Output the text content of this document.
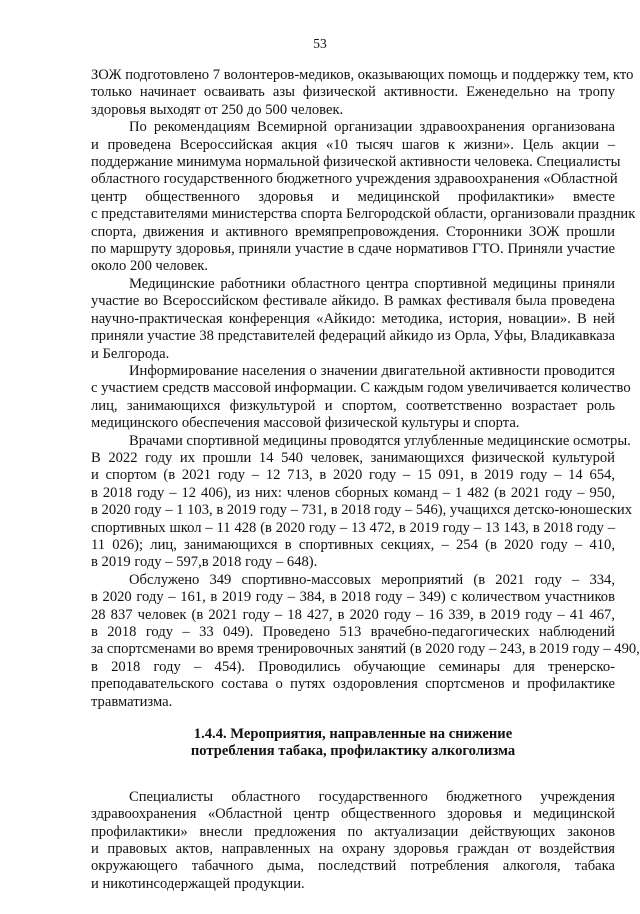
53

ЗОЖ подготовлено 7 волонтеров-медиков, оказывающих помощь и поддержку тем, кто
только начинает осваивать азы физической активности. Еженедельно на тропу
здоровья выходят от 250 до 500 человек.

По рекомендациям Всемирной организации здравоохранения организована
и проведена Всероссийская акция «10 тысяч шагов к жизни». Цель акции –
поддержание минимума нормальной физической активности человека. Специалисты
областного государственного бюджетного учреждения здравоохранения «Областной
центр общественного здоровья и медицинской профилактики» вместе
с представителями министерства спорта Белгородской области, организовали праздник
спорта, движения и активного времяпрепровождения. Сторонники ЗОЖ прошли
по маршруту здоровья, приняли участие в сдаче нормативов ГТО. Приняли участие
около 200 человек.

Медицинские работники областного центра спортивной медицины приняли
участие во Всероссийском фестивале айкидо. В рамках фестиваля была проведена
научно-практическая конференция «Айкидо: методика, история, новации». В ней
приняли участие 38 представителей федераций айкидо из Орла, Уфы, Владикавказа
и Белгорода.

Информирование населения о значении двигательной активности проводится
с участием средств массовой информации. С каждым годом увеличивается количество
лиц, занимающихся физкультурой и спортом, соответственно возрастает роль
медицинского обеспечения массовой физической культуры и спорта.

Врачами спортивной медицины проводятся углубленные медицинские осмотры.
В 2022 году их прошли 14 540 человек, занимающихся физической культурой
и спортом (в 2021 году – 12 713, в 2020 году – 15 091, в 2019 году – 14 654,
в 2018 году – 12 406), из них: членов сборных команд – 1 482 (в 2021 году – 950,
в 2020 году – 1 103, в 2019 году – 731, в 2018 году – 546), учащихся детско-юношеских
спортивных школ – 11 428 (в 2020 году – 13 472, в 2019 году – 13 143, в 2018 году –
11 026); лиц, занимающихся в спортивных секциях, – 254 (в 2020 году – 410,
в 2019 году – 597,в 2018 году – 648).

Обслужено 349 спортивно-массовых мероприятий (в 2021 году – 334,
в 2020 году – 161, в 2019 году – 384, в 2018 году – 349) с количеством участников
28 837 человек (в 2021 году – 18 427, в 2020 году – 16 339, в 2019 году – 41 467,
в 2018 году – 33 049). Проведено 513 врачебно-педагогических наблюдений
за спортсменами во время тренировочных занятий (в 2020 году – 243, в 2019 году – 490,
в 2018 году – 454). Проводились обучающие семинары для тренерско-
преподавательского состава о путях оздоровления спортсменов и профилактике
травматизма.

1.4.4. Мероприятия, направленные на снижение
потребления табака, профилактику алкоголизма

Специалисты областного государственного бюджетного учреждения
здравоохранения «Областной центр общественного здоровья и медицинской
профилактики» внесли предложения по актуализации действующих законов
и правовых актов, направленных на охрану здоровья граждан от воздействия
окружающего табачного дыма, последствий потребления алкоголя, табака
и никотинсодержащей продукции.
